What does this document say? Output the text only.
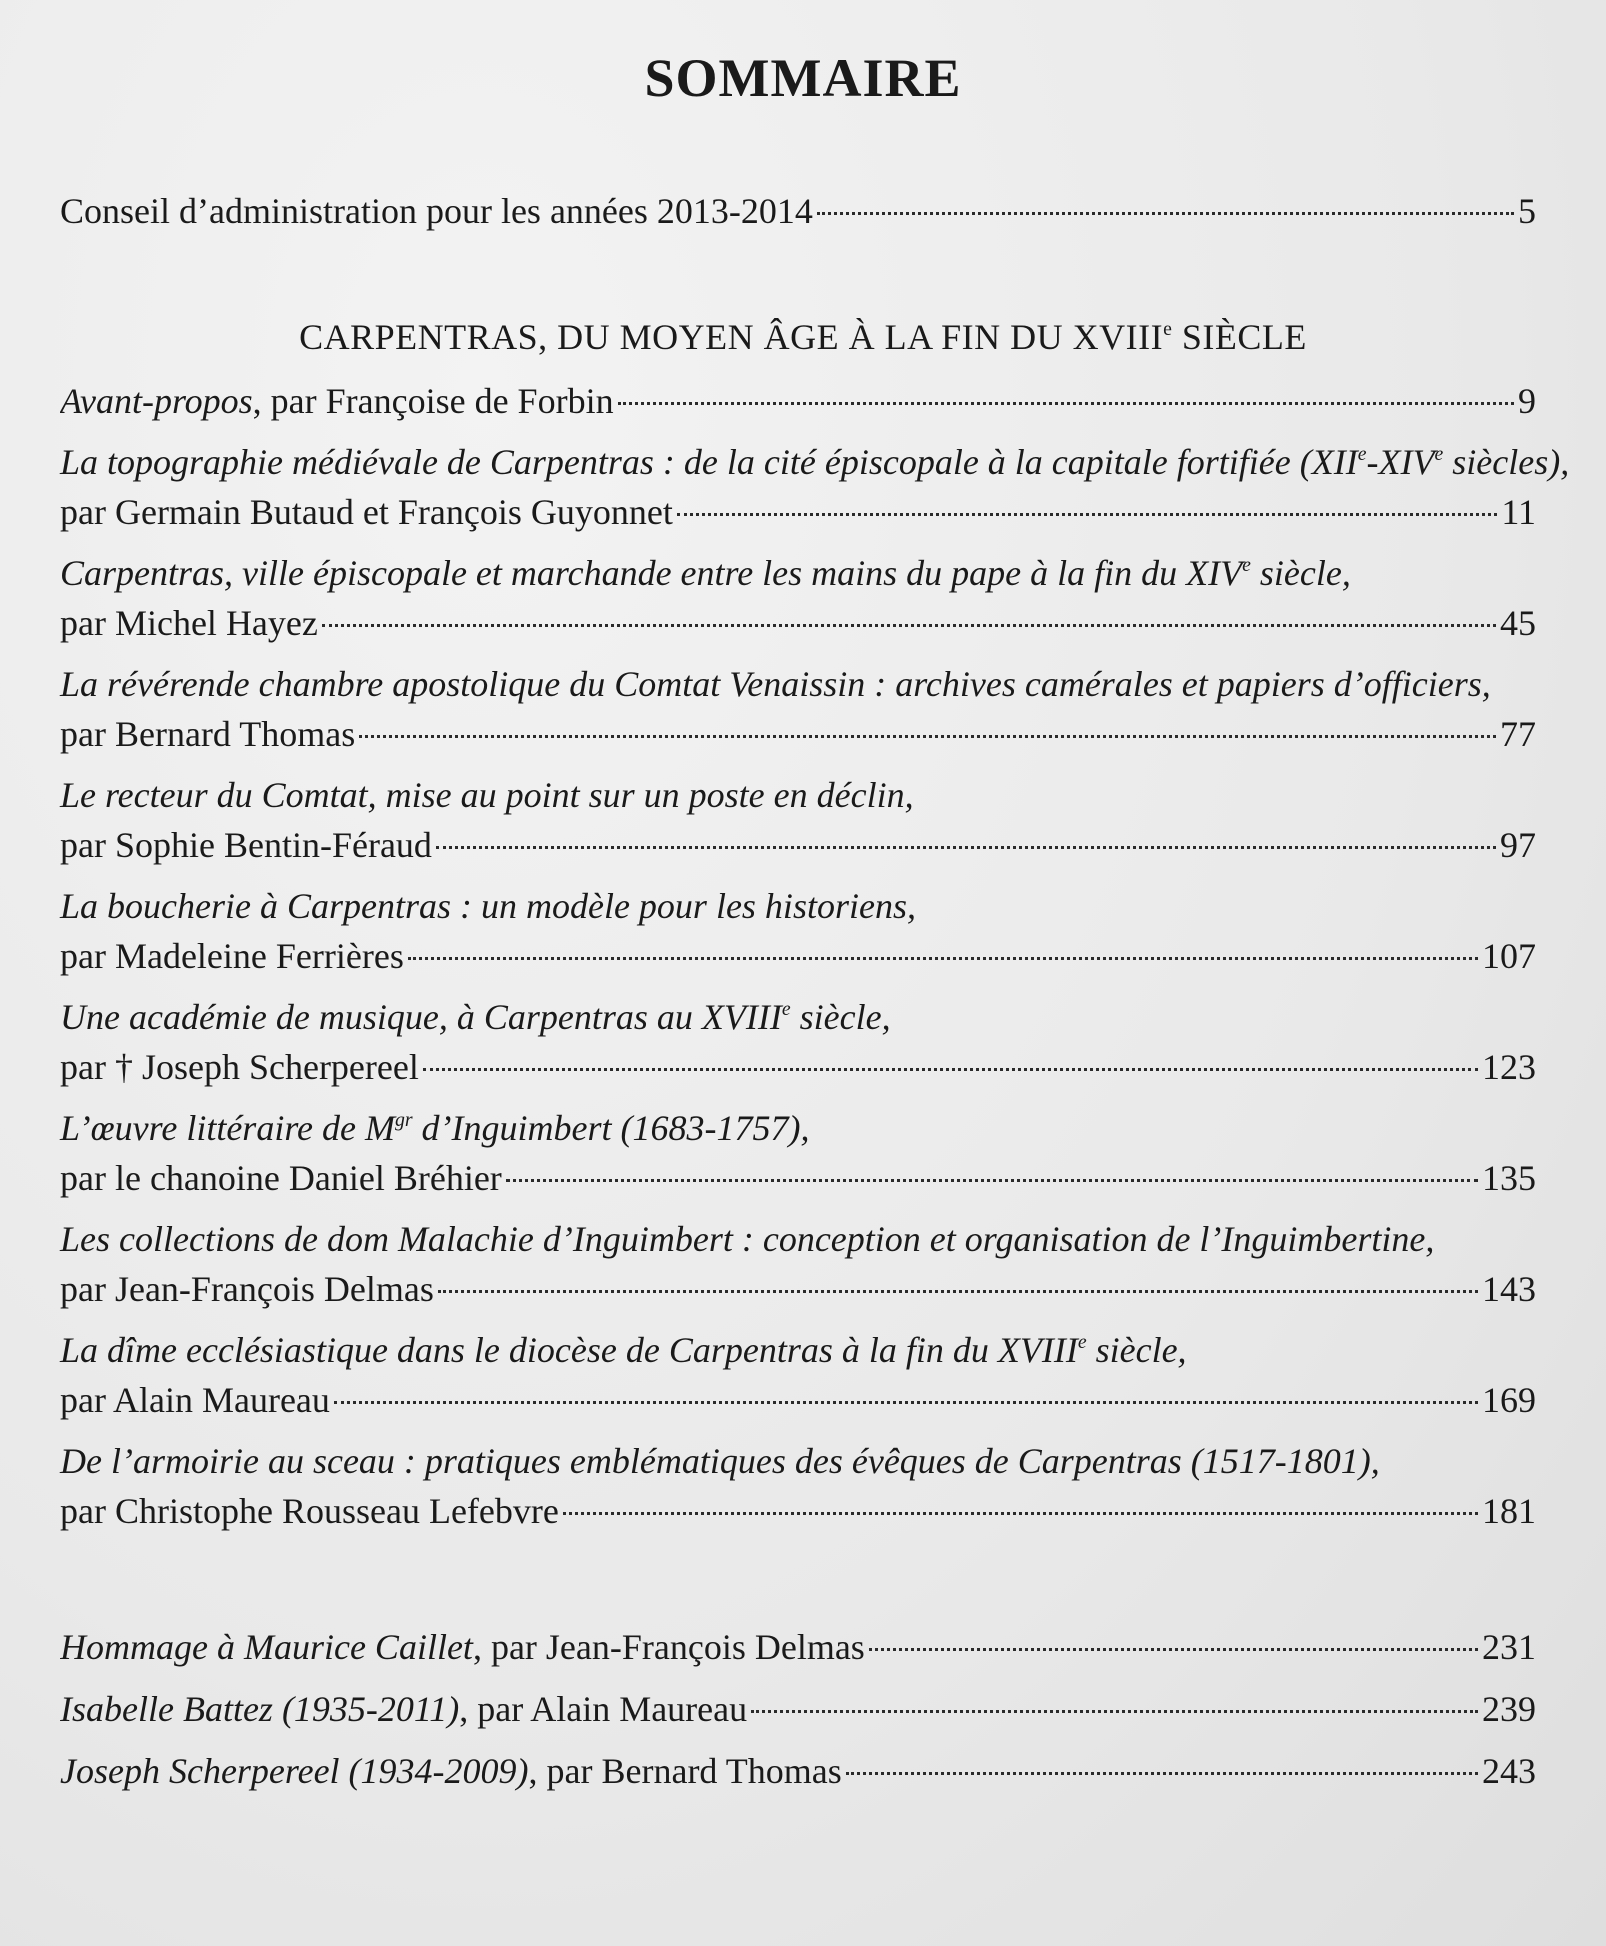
SOMMAIRE
Conseil d’administration pour les années 2013-2014	5
CARPENTRAS, DU MOYEN ÂGE À LA FIN DU XVIIIe SIÈCLE
Avant-propos, par Françoise de Forbin	9
La topographie médiévale de Carpentras : de la cité épiscopale à la capitale fortifiée (XIIe-XIVe siècles),
par Germain Butaud et François Guyonnet	11
Carpentras, ville épiscopale et marchande entre les mains du pape à la fin du XIVe siècle,
par Michel Hayez	45
La révérende chambre apostolique du Comtat Venaissin : archives camérales et papiers d’officiers,
par Bernard Thomas	77
Le recteur du Comtat, mise au point sur un poste en déclin,
par Sophie Bentin-Féraud	97
La boucherie à Carpentras : un modèle pour les historiens,
par Madeleine Ferrières	107
Une académie de musique, à Carpentras au XVIIIe siècle,
par † Joseph Scherpereel	123
L’œuvre littéraire de $M^{gr}$ d’Inguimbert (1683-1757),
par le chanoine Daniel Bréhier	135
Les collections de dom Malachie d’Inguimbert : conception et organisation de l’Inguimbertine,
par Jean-François Delmas	143
La dîme ecclésiastique dans le diocèse de Carpentras à la fin du XVIIIe siècle,
par Alain Maureau	169
De l’armoirie au sceau : pratiques emblématiques des évêques de Carpentras (1517-1801),
par Christophe Rousseau Lefebvre	181
Hommage à Maurice Caillet, par Jean-François Delmas	231
Isabelle Battez (1935-2011), par Alain Maureau	239
Joseph Scherpereel (1934-2009), par Bernard Thomas	243
